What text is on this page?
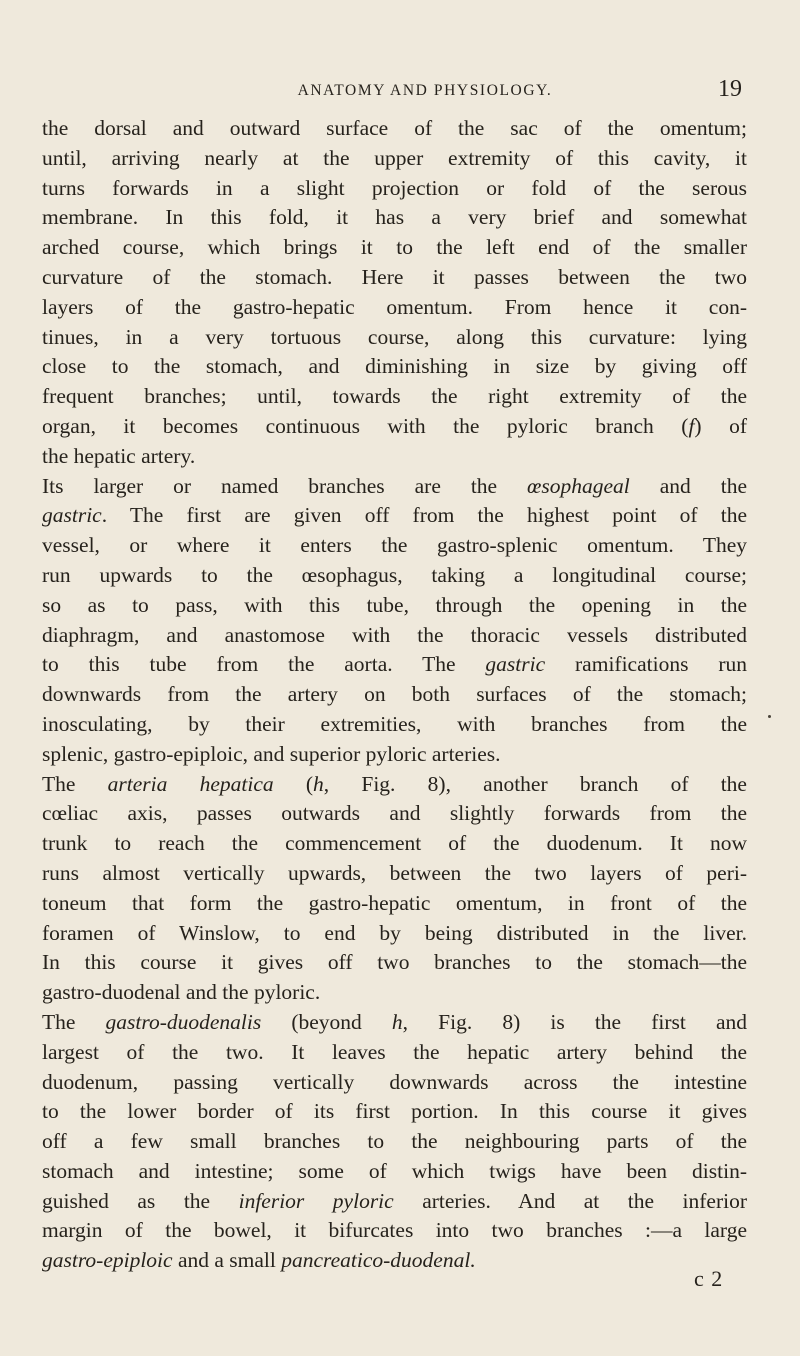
ANATOMY AND PHYSIOLOGY.	19
the dorsal and outward surface of the sac of the omentum;
until, arriving nearly at the upper extremity of this cavity, it
turns forwards in a slight projection or fold of the serous
membrane. In this fold, it has a very brief and somewhat
arched course, which brings it to the left end of the smaller
curvature of the stomach. Here it passes between the two
layers of the gastro-hepatic omentum. From hence it con-
tinues, in a very tortuous course, along this curvature: lying
close to the stomach, and diminishing in size by giving off
frequent branches; until, towards the right extremity of the
organ, it becomes continuous with the pyloric branch (f) of
the hepatic artery.
Its larger or named branches are the œsophageal and the
gastric. The first are given off from the highest point of the
vessel, or where it enters the gastro-splenic omentum. They
run upwards to the œsophagus, taking a longitudinal course;
so as to pass, with this tube, through the opening in the
diaphragm, and anastomose with the thoracic vessels distributed
to this tube from the aorta. The gastric ramifications run
downwards from the artery on both surfaces of the stomach;
inosculating, by their extremities, with branches from the
splenic, gastro-epiploic, and superior pyloric arteries.
The arteria hepatica (h, Fig. 8), another branch of the
cœliac axis, passes outwards and slightly forwards from the
trunk to reach the commencement of the duodenum. It now
runs almost vertically upwards, between the two layers of peri-
toneum that form the gastro-hepatic omentum, in front of the
foramen of Winslow, to end by being distributed in the liver.
In this course it gives off two branches to the stomach—the
gastro-duodenal and the pyloric.
The gastro-duodenalis (beyond h, Fig. 8) is the first and
largest of the two. It leaves the hepatic artery behind the
duodenum, passing vertically downwards across the intestine
to the lower border of its first portion. In this course it gives
off a few small branches to the neighbouring parts of the
stomach and intestine; some of which twigs have been distin-
guished as the inferior pyloric arteries. And at the inferior
margin of the bowel, it bifurcates into two branches :—a large
gastro-epiploic and a small pancreatico-duodenal.
c 2
